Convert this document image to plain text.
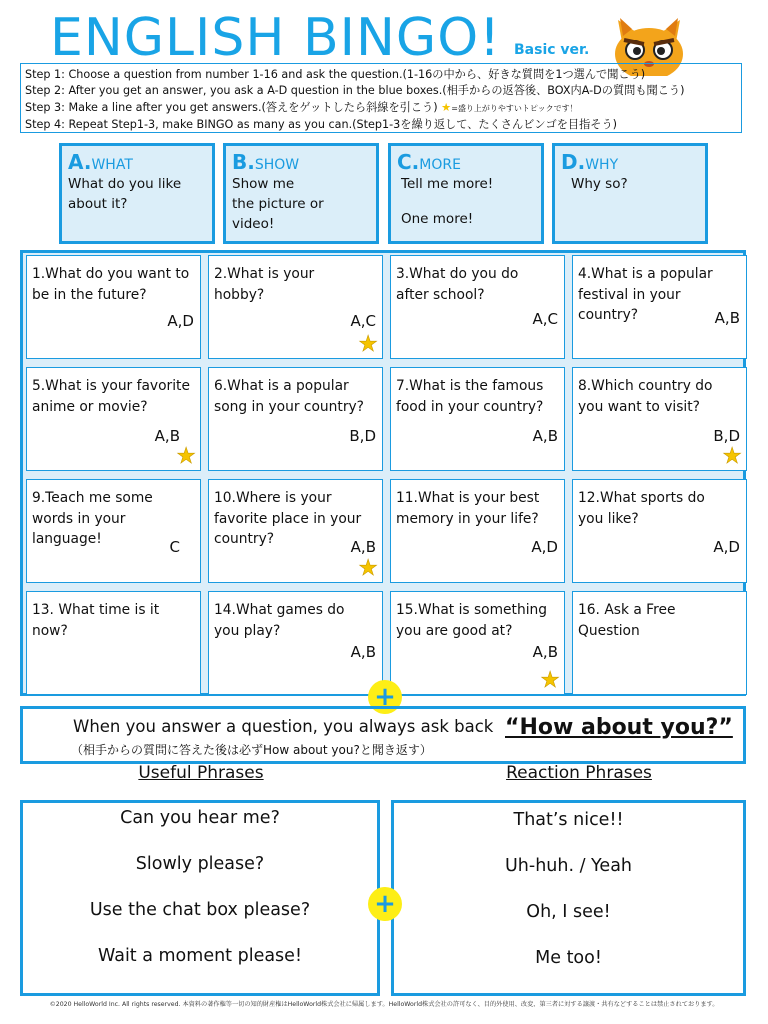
ENGLISH BINGO! Basic ver.
Step 1: Choose a question from number 1-16 and ask the question.(1-16の中から、好きな質問を1つ選んで聞こう)
Step 2: After you get an answer, you ask a A-D question in the blue boxes.(相手からの返答後、BOX内A-Dの質問も聞こう)
Step 3: Make a line after you get answers.(答えをゲットしたら斜線を引こう) ★=盛り上がりやすいトピックです！
Step 4: Repeat Step1-3, make BINGO as many as you can.(Step1-3を繰り返して、たくさんビンゴを目指そう)
A.WHAT
What do you like
about it?
B.SHOW
Show me
the picture or video!
C.MORE
Tell me more!
One more!
D.WHY
Why so?
1.What do you want to
be in the future?
A,D
2.What is your
hobby?
A,C
★
3.What do you do
after school?
A,C
4.What is a popular
festival in your
country?	A,B
5.What is your favorite
anime or movie?
A,B
★
6.What is a popular
song in your country?
B,D
7.What is the famous
food in your country?
A,B
8.Which country do
you want to visit?
B,D
★
9.Teach me some
words in your
language!	C
10.Where is your
favorite place in your
country?	A,B
★
11.What is your best
memory in your life?
A,D
12.What sports do
you like?
A,D
13. What time is it
now?
14.What games do
you play?
A,B
15.What is something
you are good at?
A,B
★
16. Ask a Free
Question
+
When you answer a question, you always ask back
（相手からの質問に答えた後は必ずHow about you?と聞き返す）
“How about you?”
Useful Phrases	Reaction Phrases
Can you hear me?
Slowly please?
Use the chat box please?
Wait a moment please!
That’s nice!!
Uh-huh. / Yeah
Oh, I see!
Me too!
+
©2020 HelloWorld Inc. All rights reserved. 本資料の著作権等一切の知的財産権はHelloWorld株式会社に帰属します。HelloWorld株式会社の許可なく、目的外使用、改変、第三者に対する譲渡・共有などすることは禁止されております。
